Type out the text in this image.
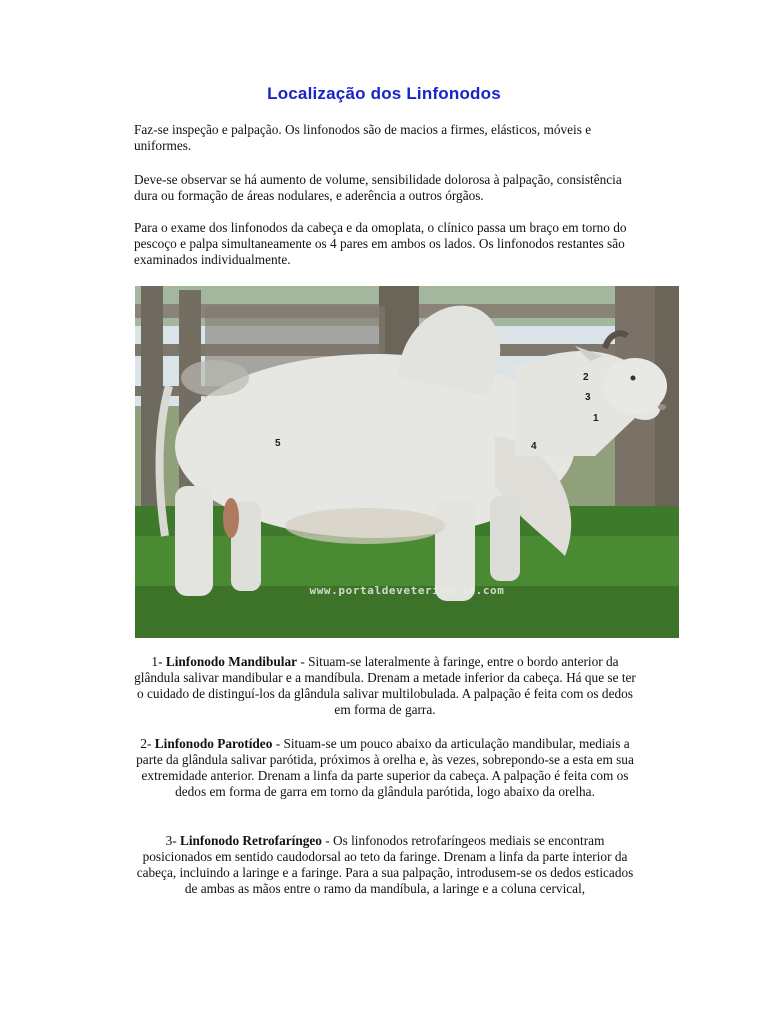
Localização dos Linfonodos

Faz-se inspeção e palpação. Os linfonodos são de macios a firmes, elásticos, móveis e uniformes.

Deve-se observar se há aumento de volume, sensibilidade dolorosa à palpação, consistência dura ou formação de áreas nodulares, e aderência a outros órgãos.

Para o exame dos linfonodos da cabeça e da omoplata, o clínico passa um braço em torno do pescoço e palpa simultaneamente os 4 pares em ambos os lados. Os linfonodos restantes são examinados individualmente.

2
3
1
4
5
www.portaldeveterinaria.com

1- Linfonodo Mandibular - Situam-se lateralmente à faringe, entre o bordo anterior da glândula salivar mandibular e a mandíbula. Drenam a metade inferior da cabeça. Há que se ter o cuidado de distinguí-los da glândula salivar multilobulada. A palpação é feita com os dedos em forma de garra.

2- Linfonodo Parotídeo - Situam-se um pouco abaixo da articulação mandibular, mediais a parte da glândula salivar parótida, próximos à orelha e, às vezes, sobrepondo-se a esta em sua extremidade anterior. Drenam a linfa da parte superior da cabeça. A palpação é feita com os dedos em forma de garra em torno da glândula parótida, logo abaixo da orelha.

3- Linfonodo Retrofaríngeo - Os linfonodos retrofaríngeos mediais se encontram posicionados em sentido caudodorsal ao teto da faringe. Drenam a linfa da parte interior da cabeça, incluindo a laringe e a faringe. Para a sua palpação, introdusem-se os dedos esticados de ambas as mãos entre o ramo da mandíbula, a laringe e a coluna cervical,
